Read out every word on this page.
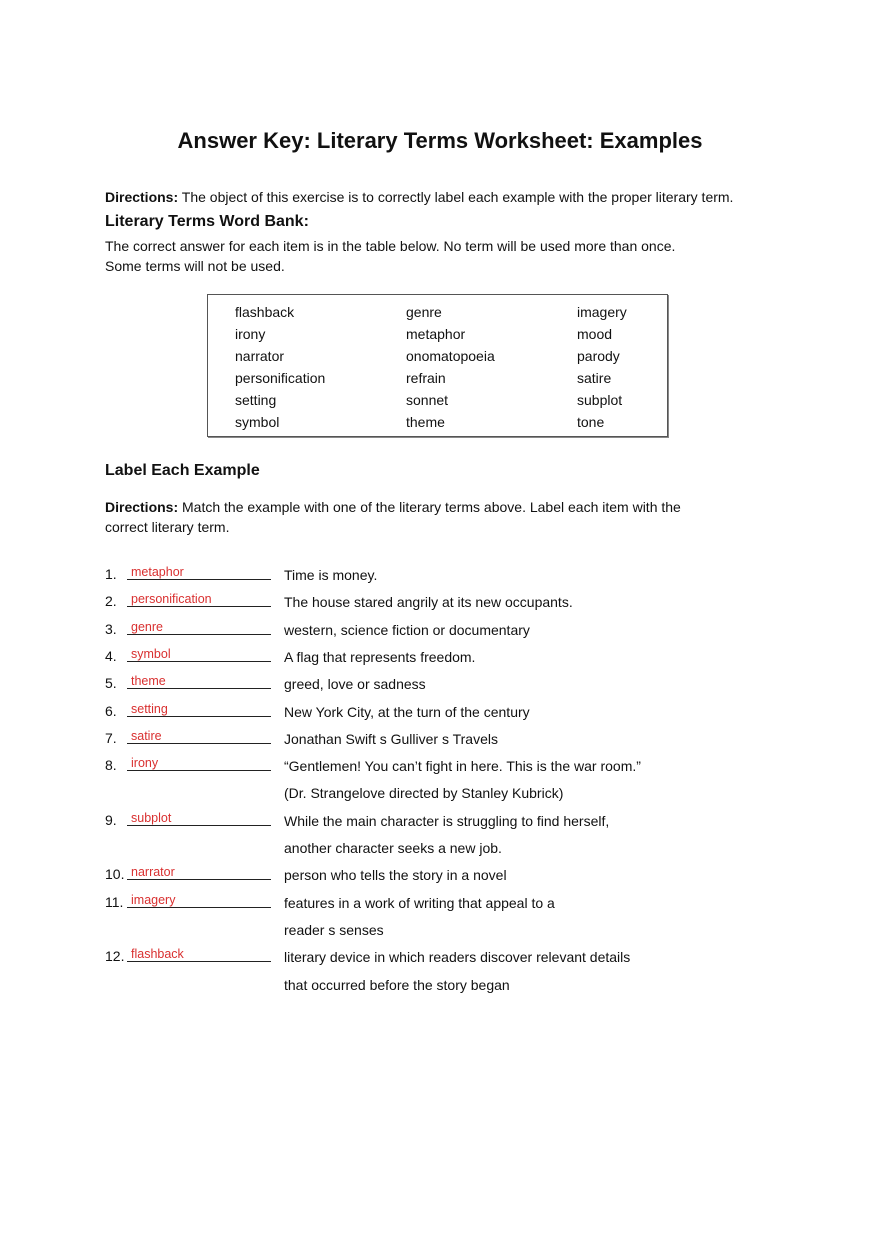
Answer Key: Literary Terms Worksheet: Examples

Directions: The object of this exercise is to correctly label each example with the proper literary term.

Literary Terms Word Bank:

The correct answer for each item is in the table below. No term will be used more than once.

Some terms will not be used.

flashback	genre	imagery
irony	metaphor	mood
narrator	onomatopoeia	parody
personification	refrain	satire
setting	sonnet	subplot
symbol	theme	tone
Label Each Example

Directions: Match the example with one of the literary terms above. Label each item with the

correct literary term.

1. metaphor	Time is money.
2. personification	The house stared angrily at its new occupants.
3. genre	western, science fiction or documentary
4. symbol	A flag that represents freedom.
5. theme	greed, love or sadness
6. setting	New York City, at the turn of the century
7. satire	Jonathan Swift s Gulliver s Travels
8. irony	“Gentlemen! You can’t fight in here. This is the war room.”
(Dr. Strangelove directed by Stanley Kubrick)
9. subplot	While the main character is struggling to find herself,
another character seeks a new job.
10. narrator	person who tells the story in a novel
11. imagery	features in a work of writing that appeal to a
reader s senses
12. flashback	literary device in which readers discover relevant details
that occurred before the story began
